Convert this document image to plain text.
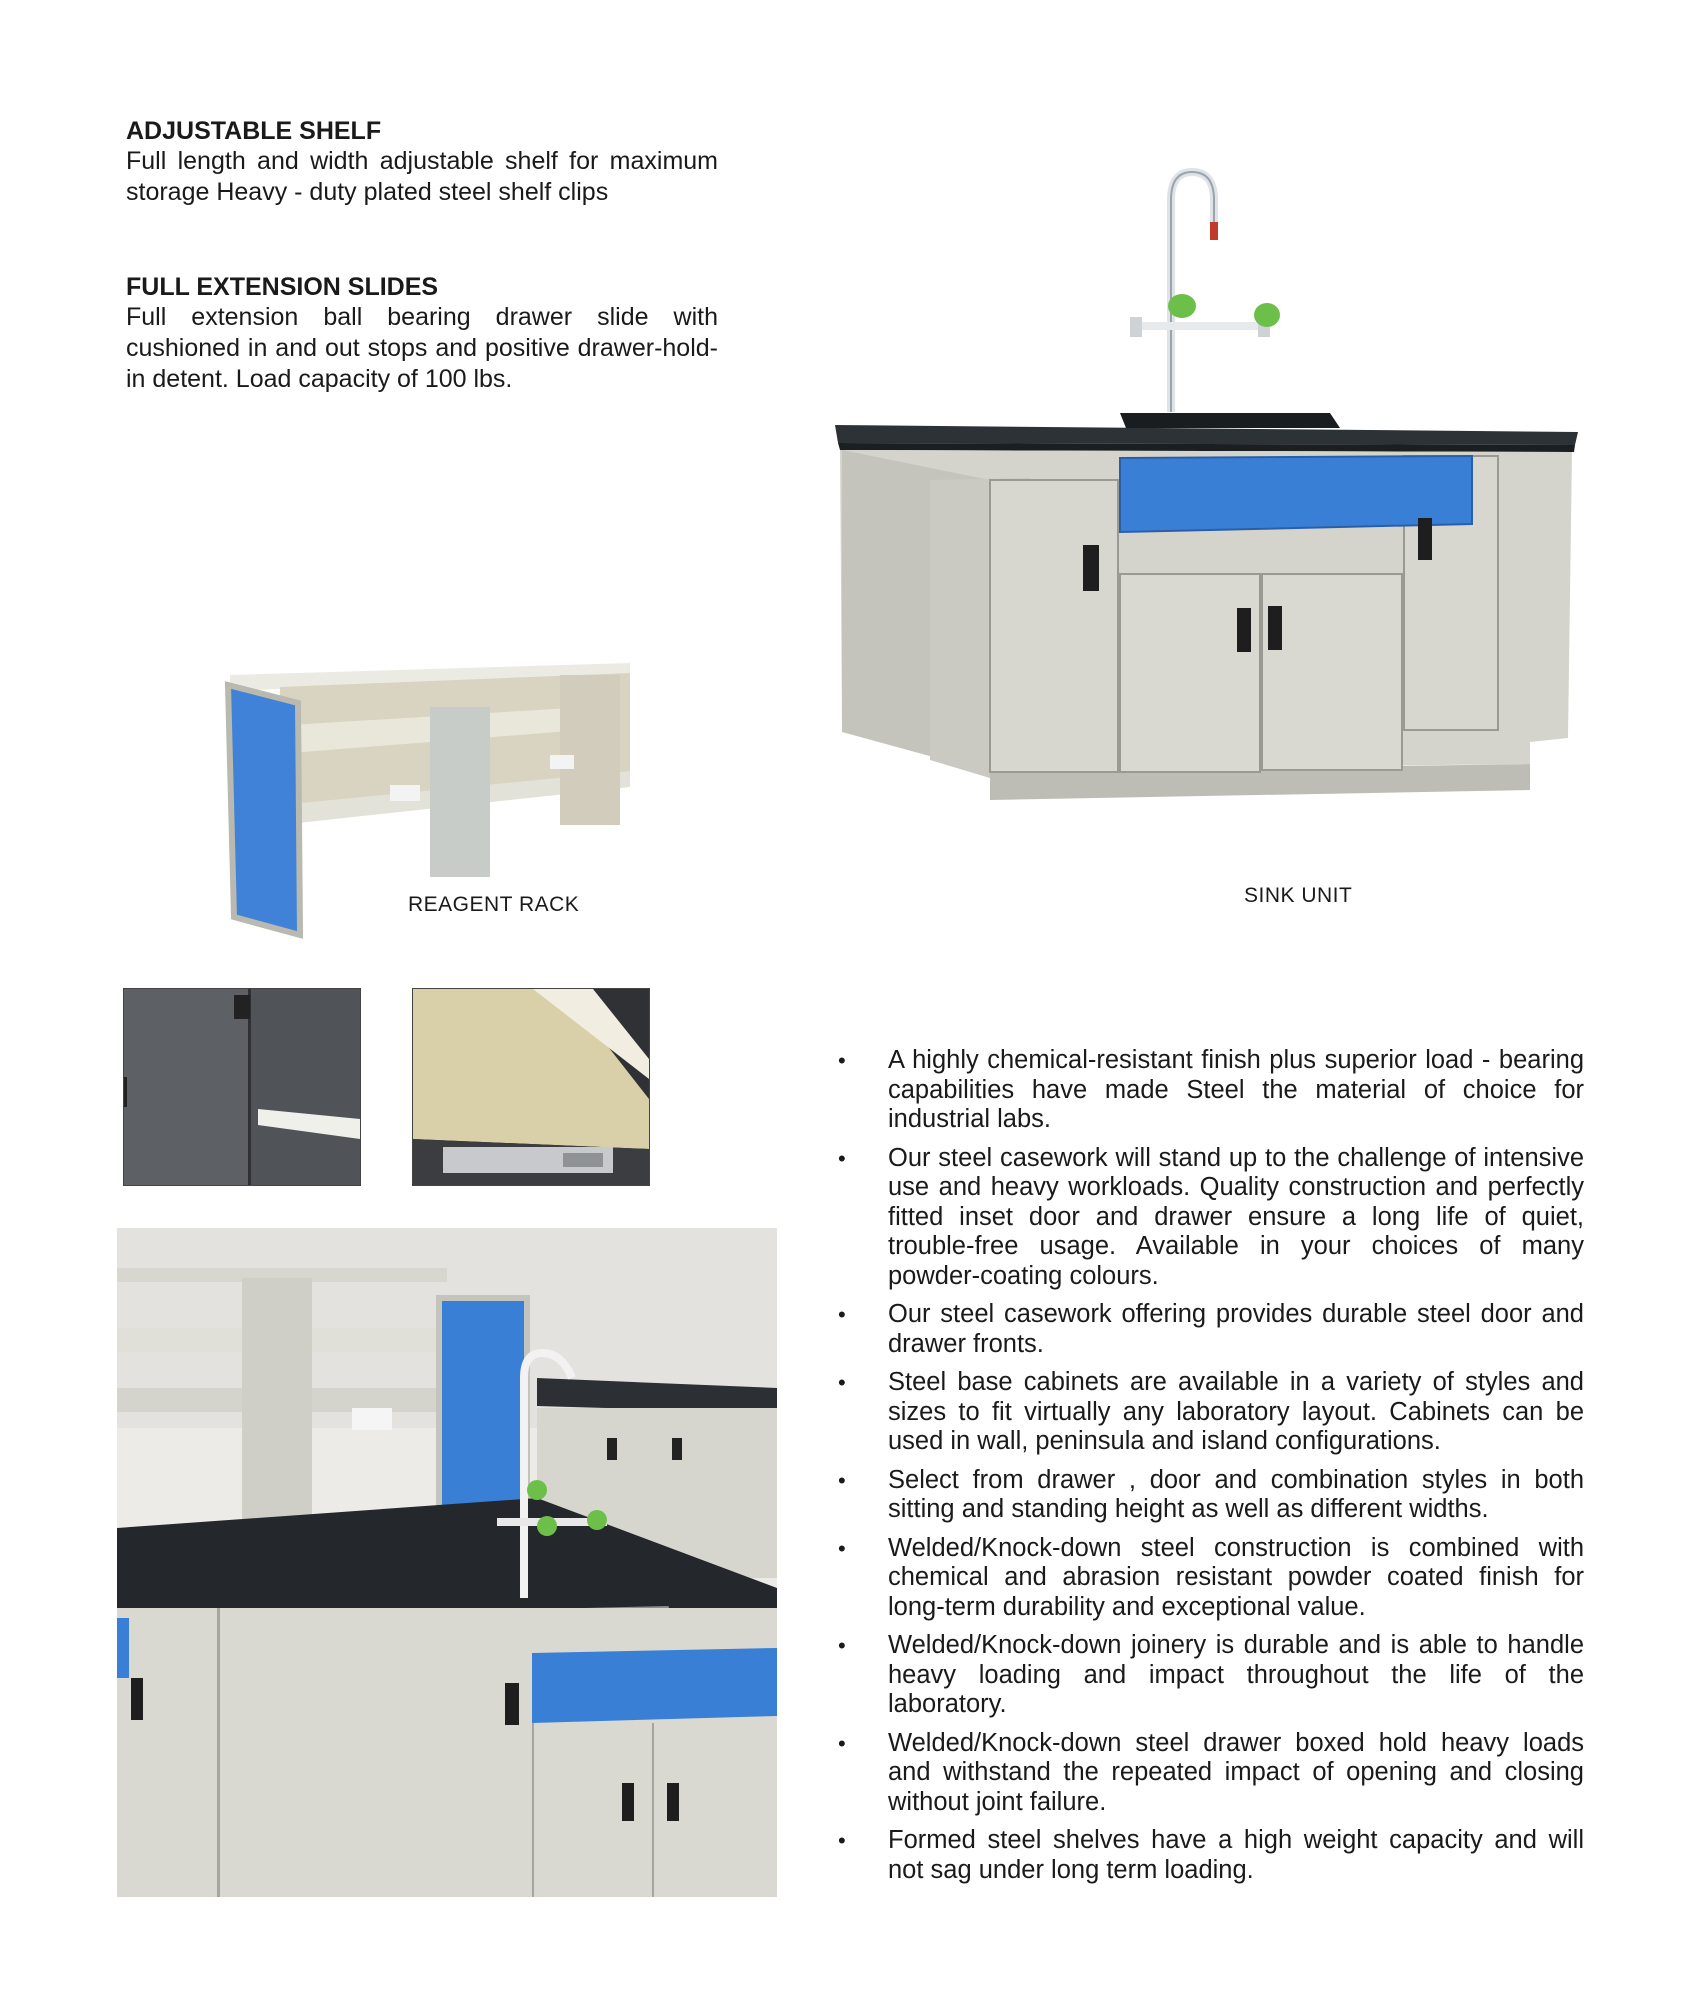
ADJUSTABLE SHELF
Full length and width adjustable shelf for maximum storage Heavy - duty plated steel shelf clips
FULL EXTENSION SLIDES
Full extension ball bearing drawer slide with cushioned in and out stops and positive drawer-hold-in detent. Load capacity of 100 lbs.
REAGENT RACK	SINK UNIT
• A highly chemical-resistant finish plus superior load - bearing capabilities have made Steel the material of choice for industrial labs.
• Our steel casework will stand up to the challenge of intensive use and heavy workloads. Quality construction and perfectly fitted inset door and drawer ensure a long life of quiet, trouble-free usage. Available in your choices of many powder-coating colours.
• Our steel casework offering provides durable steel door and drawer fronts.
• Steel base cabinets are available in a variety of styles and sizes to fit virtually any laboratory layout. Cabinets can be used in wall, peninsula and island configurations.
• Select from drawer , door and combination styles in both sitting and standing height as well as different widths.
• Welded/Knock-down steel construction is combined with chemical and abrasion resistant powder coated finish for long-term durability and exceptional value.
• Welded/Knock-down joinery is durable and is able to handle heavy loading and impact throughout the life of the laboratory.
• Welded/Knock-down steel drawer boxed hold heavy loads and withstand the repeated impact of opening and closing without joint failure.
• Formed steel shelves have a high weight capacity and will not sag under long term loading.
